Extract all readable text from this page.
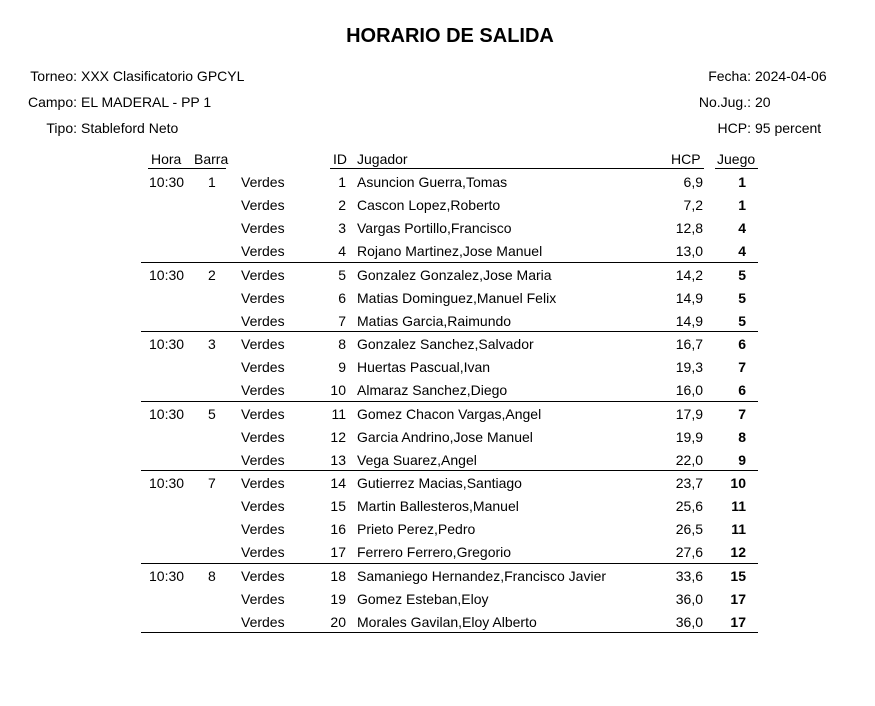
HORARIO DE SALIDA
Torneo: XXX Clasificatorio GPCYL
Campo: EL MADERAL - PP 1
Tipo: Stableford Neto
Fecha: 2024-04-06
No.Jug.: 20
HCP: 95 percent
Hora Barra	ID Jugador	HCP Juego
10:30 1 Verdes	1 Asuncion Guerra,Tomas	6,9	1
Verdes	2 Cascon Lopez,Roberto	7,2	1
Verdes	3 Vargas Portillo,Francisco	12,8	4
Verdes	4 Rojano Martinez,Jose Manuel	13,0	4
10:30 2 Verdes	5 Gonzalez Gonzalez,Jose Maria	14,2	5
Verdes	6 Matias Dominguez,Manuel Felix	14,9	5
Verdes	7 Matias Garcia,Raimundo	14,9	5
10:30 3 Verdes	8 Gonzalez Sanchez,Salvador	16,7	6
Verdes	9 Huertas Pascual,Ivan	19,3	7
Verdes	10 Almaraz Sanchez,Diego	16,0	6
10:30 5 Verdes	11 Gomez Chacon Vargas,Angel	17,9	7
Verdes	12 Garcia Andrino,Jose Manuel	19,9	8
Verdes	13 Vega Suarez,Angel	22,0	9
10:30 7 Verdes	14 Gutierrez Macias,Santiago	23,7	10
Verdes	15 Martin Ballesteros,Manuel	25,6	11
Verdes	16 Prieto Perez,Pedro	26,5	11
Verdes	17 Ferrero Ferrero,Gregorio	27,6	12
10:30 8 Verdes	18 Samaniego Hernandez,Francisco Javier	33,6	15
Verdes	19 Gomez Esteban,Eloy	36,0	17
Verdes	20 Morales Gavilan,Eloy Alberto	36,0	17
